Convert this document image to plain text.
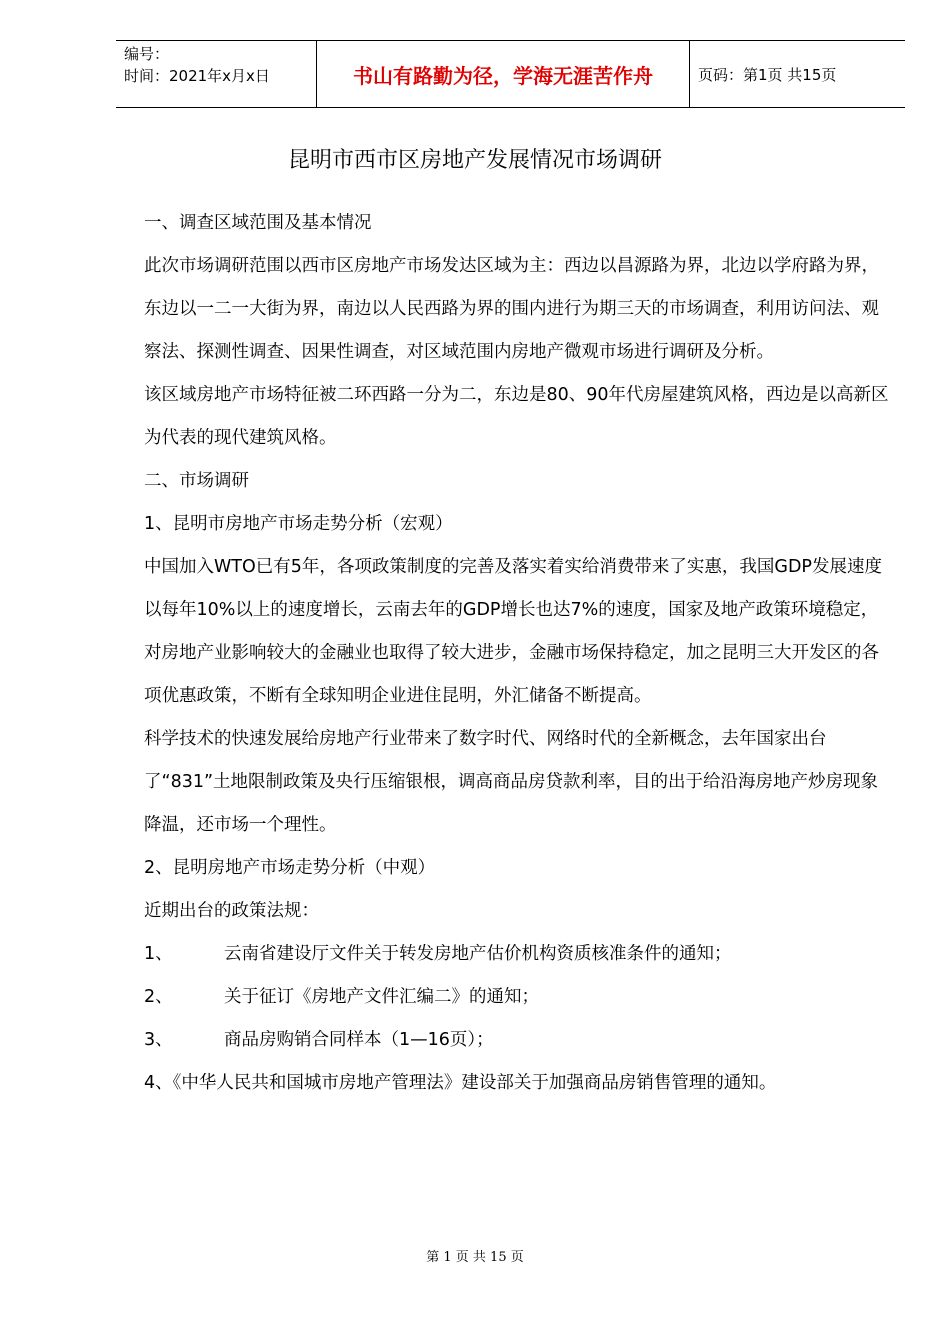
编号：
时间：2021年x月x日	书山有路勤为径，学海无涯苦作舟	页码：第1页 共15页
昆明市西市区房地产发展情况市场调研

一、调查区域范围及基本情况

此次市场调研范围以西市区房地产市场发达区域为主：西边以昌源路为界，北边以学府路为界，东边以一二一大街为界，南边以人民西路为界的围内进行为期三天的市场调查，利用访问法、观察法、探测性调查、因果性调查，对区域范围内房地产微观市场进行调研及分析。

该区域房地产市场特征被二环西路一分为二，东边是80、90年代房屋建筑风格，西边是以高新区为代表的现代建筑风格。

二、市场调研

1、昆明市房地产市场走势分析（宏观）

中国加入WTO已有5年，各项政策制度的完善及落实着实给消费带来了实惠，我国GDP发展速度以每年10%以上的速度增长，云南去年的GDP增长也达7%的速度，国家及地产政策环境稳定，对房地产业影响较大的金融业也取得了较大进步，金融市场保持稳定，加之昆明三大开发区的各项优惠政策，不断有全球知明企业进住昆明，外汇储备不断提高。

科学技术的快速发展给房地产行业带来了数字时代、网络时代的全新概念，去年国家出台了“831”土地限制政策及央行压缩银根，调高商品房贷款利率，目的出于给沿海房地产炒房现象降温，还市场一个理性。

2、昆明房地产市场走势分析（中观）

近期出台的政策法规：

1、	云南省建设厅文件关于转发房地产估价机构资质核准条件的通知；
2、	关于征订《房地产文件汇编二》的通知；
3、	商品房购销合同样本（1—16页）；

4、《中华人民共和国城市房地产管理法》建设部关于加强商品房销售管理的通知。

第 1 页 共 15 页
